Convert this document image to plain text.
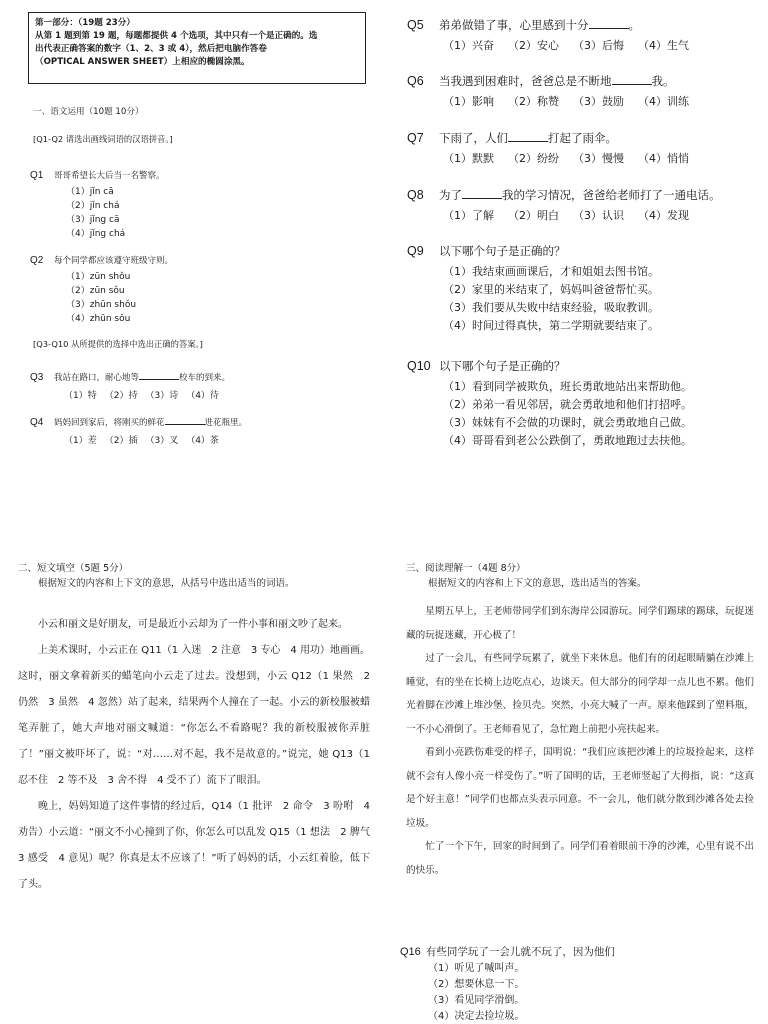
第一部分：（19题 23分）
从第 1 题到第 19 题，每题都提供 4 个选项，其中只有一个是正确的。选
出代表正确答案的数字（1、2、3 或 4），然后把电脑作答卷
（OPTICAL ANSWER SHEET）上相应的椭圆涂黑。
一、语文运用（10题 10分）
[Q1-Q2 请选出画线词语的汉语拼音。]
Q1 哥哥希望长大后当一名警察。
（1）jǐn cā
（2）jǐn chá
（3）jǐng cā
（4）jǐng chá
Q2 每个同学都应该遵守班级守则。
（1）zūn shǒu
（2）zūn sǒu
（3）zhūn shǒu
（4）zhūn sǒu
[Q3-Q10 从所提供的选择中选出正确的答案。]
Q3 我站在路口，耐心地等	校车的到来。
（1）特 （2）持 （3）诗 （4）待
Q4 妈妈回到家后，将刚买的鲜花	进花瓶里。
（1）差 （2）插 （3）叉 （4）茶
Q5 弟弟做错了事，心里感到十分	。
（1）兴奋 （2）安心 （3）后悔 （4）生气
Q6 当我遇到困难时，爸爸总是不断地	我。
（1）影响 （2）称赞 （3）鼓励 （4）训练
Q7 下雨了，人们	打起了雨伞。
（1）默默 （2）纷纷 （3）慢慢 （4）悄悄
Q8 为了	我的学习情况，爸爸给老师打了一通电话。
（1）了解 （2）明白 （3）认识 （4）发现
Q9 以下哪个句子是正确的？
（1）我结束画画课后，才和姐姐去图书馆。
（2）家里的米结束了，妈妈叫爸爸帮忙买。
（3）我们要从失败中结束经验，吸取教训。
（4）时间过得真快，第二学期就要结束了。
Q10 以下哪个句子是正确的？
（1）看到同学被欺负，班长勇敢地站出来帮助他。
（2）弟弟一看见邻居，就会勇敢地和他们打招呼。
（3）妹妹有不会做的功课时，就会勇敢地自己做。
（4）哥哥看到老公公跌倒了，勇敢地跑过去扶他。
二、短文填空（5题 5分）
根据短文的内容和上下文的意思，从括号中选出适当的词语。

小云和丽文是好朋友，可是最近小云却为了一件小事和丽文吵了起来。

上美术课时，小云正在 Q11（1 入迷　2 注意　3 专心　4 用功）地画画。这时，丽文拿着新买的蜡笔向小云走了过去。没想到，小云 Q12（1 果然　2 仍然　3 虽然　4 忽然）站了起来，结果两个人撞在了一起。小云的新校服被蜡笔弄脏了，她大声地对丽文喊道：“你怎么不看路呢？我的新校服被你弄脏了！”丽文被吓坏了，说：“对……对不起，我不是故意的。”说完，她 Q13（1 忍不住　2 等不及　3 舍不得　4 受不了）流下了眼泪。

晚上，妈妈知道了这件事情的经过后，Q14（1 批评　2 命令　3 吩咐　4 劝告）小云道：“丽文不小心撞到了你，你怎么可以乱发 Q15（1 想法　2 脾气　3 感受　4 意见）呢？你真是太不应该了！”听了妈妈的话，小云红着脸，低下了头。

三、阅读理解一（4题 8分）
根据短文的内容和上下文的意思，选出适当的答案。

星期五早上，王老师带同学们到东海岸公园游玩。同学们踢球的踢球，玩捉迷藏的玩捉迷藏，开心极了！

过了一会儿，有些同学玩累了，就坐下来休息。他们有的闭起眼睛躺在沙滩上睡觉，有的坐在长椅上边吃点心，边谈天。但大部分的同学却一点儿也不累。他们光着脚在沙滩上堆沙堡、捡贝壳。突然，小亮大喊了一声。原来他踩到了塑料瓶，一不小心滑倒了。王老师看见了，急忙跑上前把小亮扶起来。

看到小亮跌伤难受的样子，国明说：“我们应该把沙滩上的垃圾捡起来，这样就不会有人像小亮一样受伤了。”听了国明的话，王老师竖起了大拇指，说：“这真是个好主意！”同学们也都点头表示同意。不一会儿，他们就分散到沙滩各处去捡垃圾。

忙了一个下午，回家的时间到了。同学们看着眼前干净的沙滩，心里有说不出的快乐。

Q16 有些同学玩了一会儿就不玩了，因为他们
（1）听见了喊叫声。
（2）想要休息一下。
（3）看见同学滑倒。
（4）决定去捡垃圾。
